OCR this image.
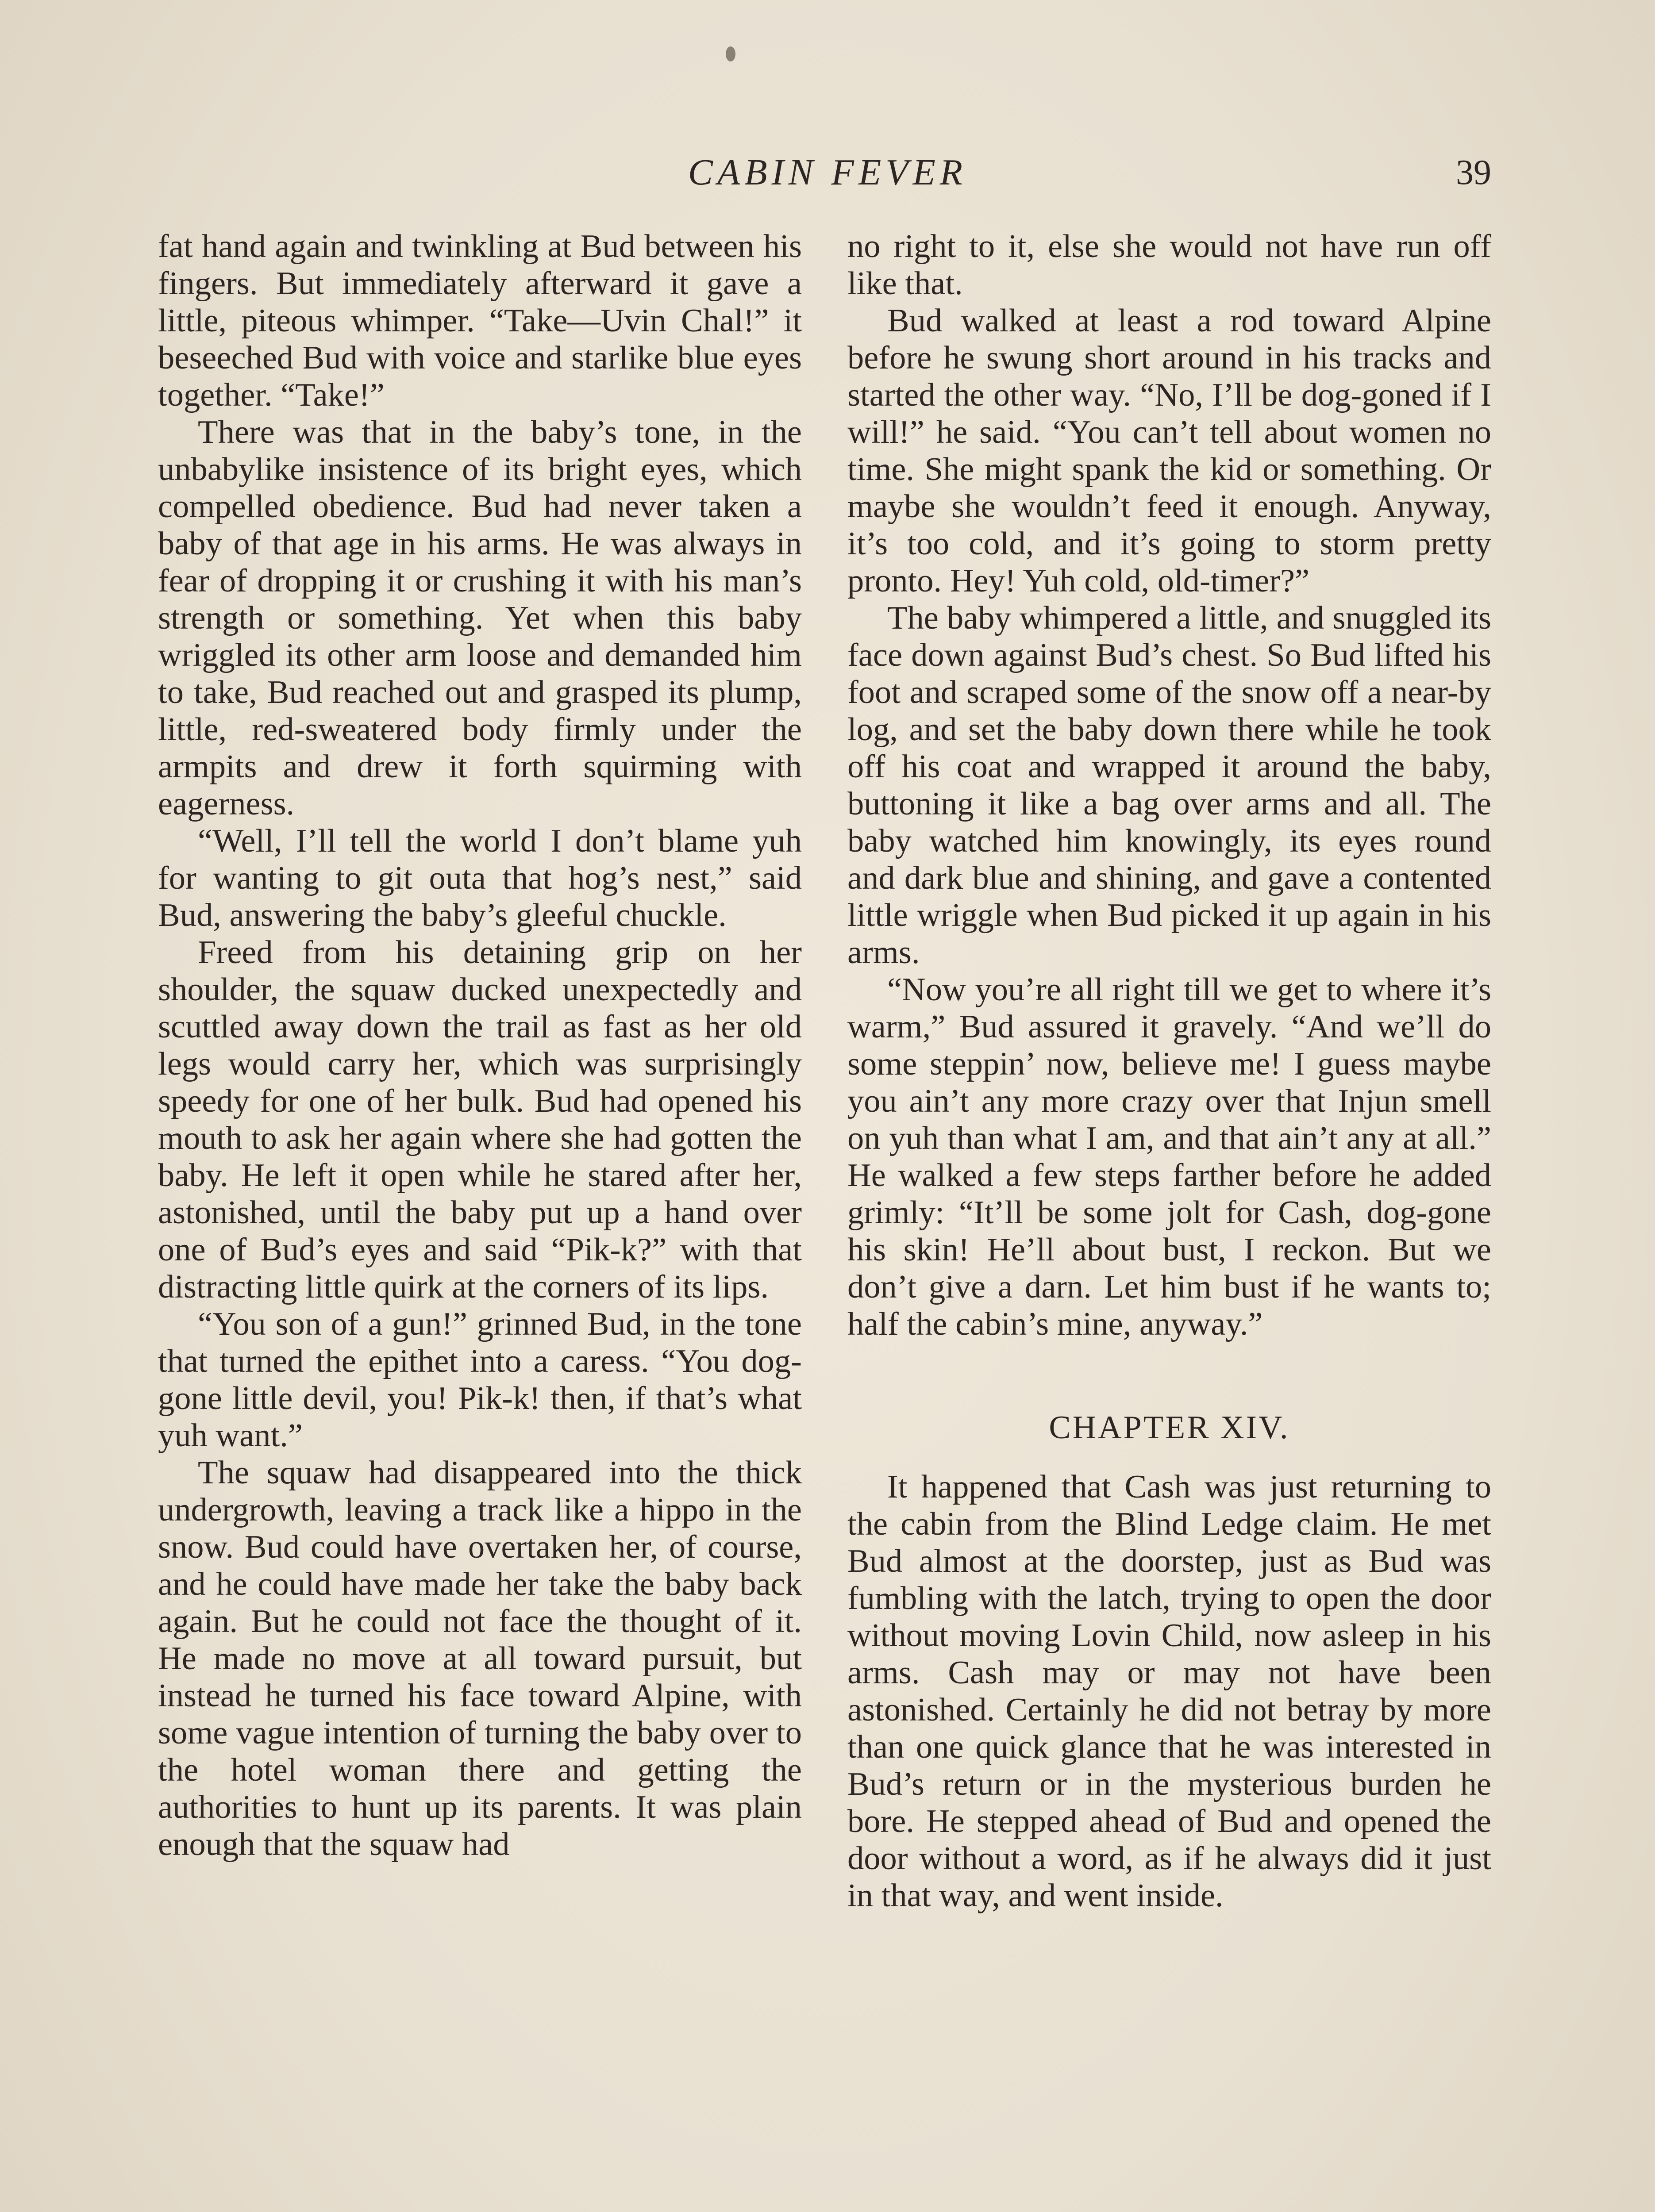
CABIN FEVER	39

fat hand again and twinkling at Bud between his fingers. But immediately afterward it gave a little, piteous whimper. “Take—Uvin Chal!” it beseeched Bud with voice and starlike blue eyes together. “Take!”

There was that in the baby’s tone, in the unbabylike insistence of its bright eyes, which compelled obedience. Bud had never taken a baby of that age in his arms. He was always in fear of dropping it or crushing it with his man’s strength or something. Yet when this baby wriggled its other arm loose and demanded him to take, Bud reached out and grasped its plump, little, red-sweatered body firmly under the armpits and drew it forth squirming with eagerness.

“Well, I’ll tell the world I don’t blame yuh for wanting to git outa that hog’s nest,” said Bud, answering the baby’s gleeful chuckle.

Freed from his detaining grip on her shoulder, the squaw ducked unexpectedly and scuttled away down the trail as fast as her old legs would carry her, which was surprisingly speedy for one of her bulk. Bud had opened his mouth to ask her again where she had gotten the baby. He left it open while he stared after her, astonished, until the baby put up a hand over one of Bud’s eyes and said “Pik-k?” with that distracting little quirk at the corners of its lips.

“You son of a gun!” grinned Bud, in the tone that turned the epithet into a caress. “You dog-gone little devil, you! Pik-k! then, if that’s what yuh want.”

The squaw had disappeared into the thick undergrowth, leaving a track like a hippo in the snow. Bud could have overtaken her, of course, and he could have made her take the baby back again. But he could not face the thought of it. He made no move at all toward pursuit, but instead he turned his face toward Alpine, with some vague intention of turning the baby over to the hotel woman there and getting the authorities to hunt up its parents. It was plain enough that the squaw had

no right to it, else she would not have run off like that.

Bud walked at least a rod toward Alpine before he swung short around in his tracks and started the other way. “No, I’ll be dog-goned if I will!” he said. “You can’t tell about women no time. She might spank the kid or something. Or maybe she wouldn’t feed it enough. Anyway, it’s too cold, and it’s going to storm pretty pronto. Hey! Yuh cold, old-timer?”

The baby whimpered a little, and snuggled its face down against Bud’s chest. So Bud lifted his foot and scraped some of the snow off a near-by log, and set the baby down there while he took off his coat and wrapped it around the baby, buttoning it like a bag over arms and all. The baby watched him knowingly, its eyes round and dark blue and shining, and gave a contented little wriggle when Bud picked it up again in his arms.

“Now you’re all right till we get to where it’s warm,” Bud assured it gravely. “And we’ll do some steppin’ now, believe me! I guess maybe you ain’t any more crazy over that Injun smell on yuh than what I am, and that ain’t any at all.” He walked a few steps farther before he added grimly: “It’ll be some jolt for Cash, dog-gone his skin! He’ll about bust, I reckon. But we don’t give a darn. Let him bust if he wants to; half the cabin’s mine, anyway.”

CHAPTER XIV.

It happened that Cash was just returning to the cabin from the Blind Ledge claim. He met Bud almost at the doorstep, just as Bud was fumbling with the latch, trying to open the door without moving Lovin Child, now asleep in his arms. Cash may or may not have been astonished. Certainly he did not betray by more than one quick glance that he was interested in Bud’s return or in the mysterious burden he bore. He stepped ahead of Bud and opened the door without a word, as if he always did it just in that way, and went inside.
